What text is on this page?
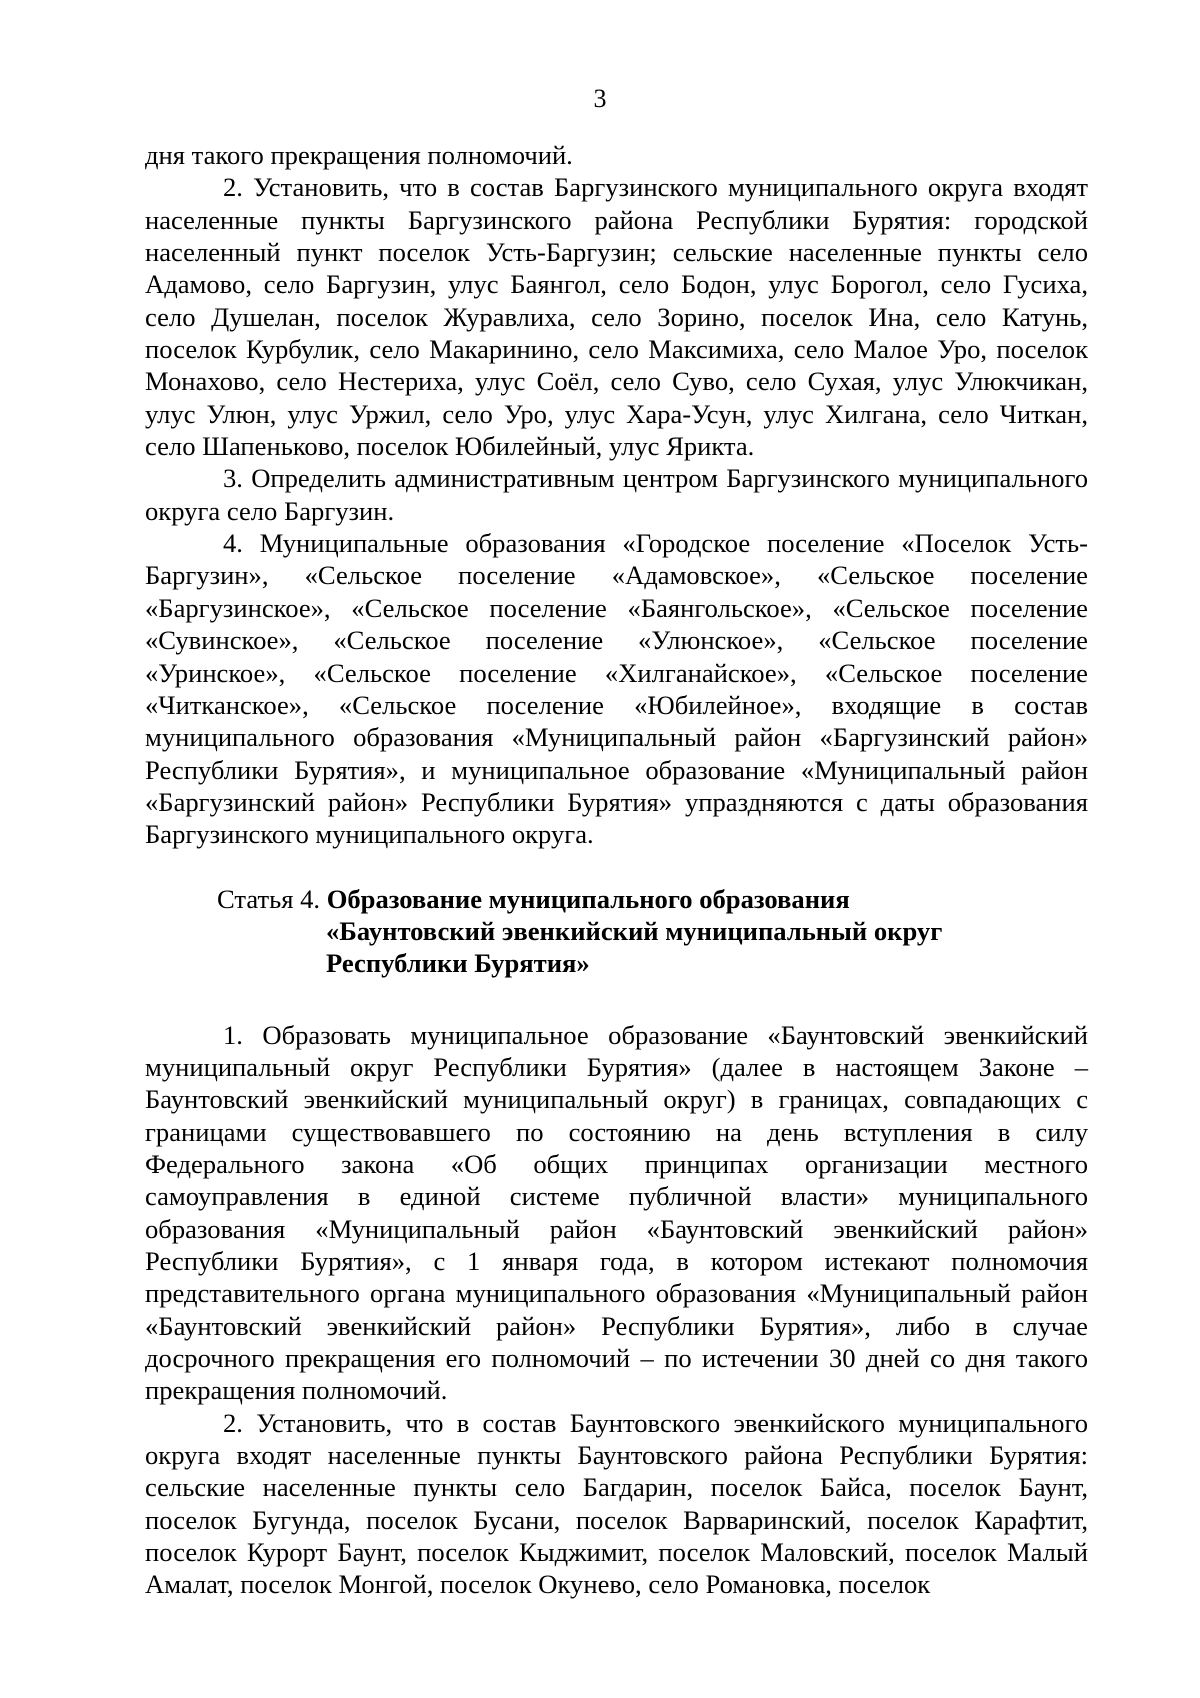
3

дня такого прекращения полномочий.

2. Установить, что в состав Баргузинского муниципального округа входят населенные пункты Баргузинского района Республики Бурятия: городской населенный пункт поселок Усть-Баргузин; сельские населенные пункты село Адамово, село Баргузин, улус Баянгол, село Бодон, улус Борогол, село Гусиха, село Душелан, поселок Журавлиха, село Зорино, поселок Ина, село Катунь, поселок Курбулик, село Макаринино, село Максимиха, село Малое Уро, поселок Монахово, село Нестериха, улус Соёл, село Суво, село Сухая, улус Улюкчикан, улус Улюн, улус Уржил, село Уро, улус Хара-Усун, улус Хилгана, село Читкан, село Шапеньково, поселок Юбилейный, улус Ярикта.

3. Определить административным центром Баргузинского муниципального округа село Баргузин.

4. Муниципальные образования «Городское поселение «Поселок Усть-Баргузин», «Сельское поселение «Адамовское», «Сельское поселение «Баргузинское», «Сельское поселение «Баянгольское», «Сельское поселение «Сувинское», «Сельское поселение «Улюнское», «Сельское поселение «Уринское», «Сельское поселение «Хилганайское», «Сельское поселение «Читканское», «Сельское поселение «Юбилейное», входящие в состав муниципального образования «Муниципальный район «Баргузинский район» Республики Бурятия», и муниципальное образование «Муниципальный район «Баргузинский район» Республики Бурятия» упраздняются с даты образования Баргузинского муниципального округа.

Статья 4. Образование муниципального образования
«Баунтовский эвенкийский муниципальный округ
Республики Бурятия»

1. Образовать муниципальное образование «Баунтовский эвенкийский муниципальный округ Республики Бурятия» (далее в настоящем Законе – Баунтовский эвенкийский муниципальный округ) в границах, совпадающих с границами существовавшего по состоянию на день вступления в силу Федерального закона «Об общих принципах организации местного самоуправления в единой системе публичной власти» муниципального образования «Муниципальный район «Баунтовский эвенкийский район» Республики Бурятия», с 1 января года, в котором истекают полномочия представительного органа муниципального образования «Муниципальный район «Баунтовский эвенкийский район» Республики Бурятия», либо в случае досрочного прекращения его полномочий – по истечении 30 дней со дня такого прекращения полномочий.

2. Установить, что в состав Баунтовского эвенкийского муниципального округа входят населенные пункты Баунтовского района Республики Бурятия: сельские населенные пункты село Багдарин, поселок Байса, поселок Баунт, поселок Бугунда, поселок Бусани, поселок Варваринский, поселок Карафтит, поселок Курорт Баунт, поселок Кыджимит, поселок Маловский, поселок Малый Амалат, поселок Монгой, поселок Окунево, село Романовка, поселок
